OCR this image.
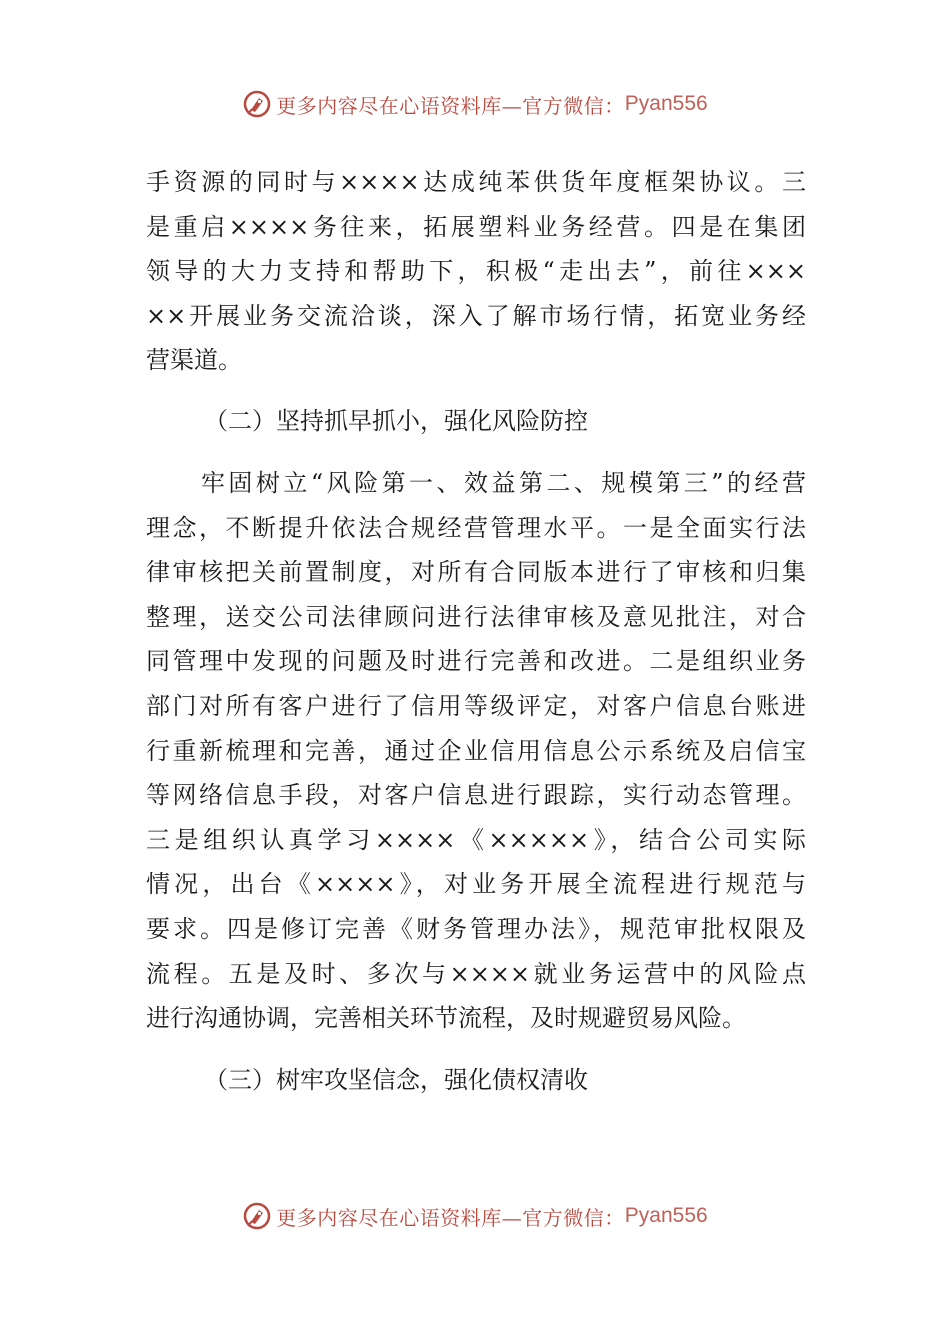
更多内容尽在心语资料库—官方微信： Pyan556
手资源的同时与××××达成纯苯供货年度框架协议。三
是重启××××务往来，拓展塑料业务经营。四是在集团
领导的大力支持和帮助下，积极“走出去”，前往×××
××开展业务交流洽谈，深入了解市场行情，拓宽业务经
营渠道。
（二）坚持抓早抓小，强化风险防控
　　牢固树立“风险第一、效益第二、规模第三”的经营
理念，不断提升依法合规经营管理水平。一是全面实行法
律审核把关前置制度，对所有合同版本进行了审核和归集
整理，送交公司法律顾问进行法律审核及意见批注，对合
同管理中发现的问题及时进行完善和改进。二是组织业务
部门对所有客户进行了信用等级评定，对客户信息台账进
行重新梳理和完善，通过企业信用信息公示系统及启信宝
等网络信息手段，对客户信息进行跟踪，实行动态管理。
三是组织认真学习××××《×××××》，结合公司实际
情况，出台《××××》，对业务开展全流程进行规范与
要求。四是修订完善《财务管理办法》，规范审批权限及
流程。五是及时、多次与××××就业务运营中的风险点
进行沟通协调，完善相关环节流程，及时规避贸易风险。
（三）树牢攻坚信念，强化债权清收
更多内容尽在心语资料库—官方微信： Pyan556
